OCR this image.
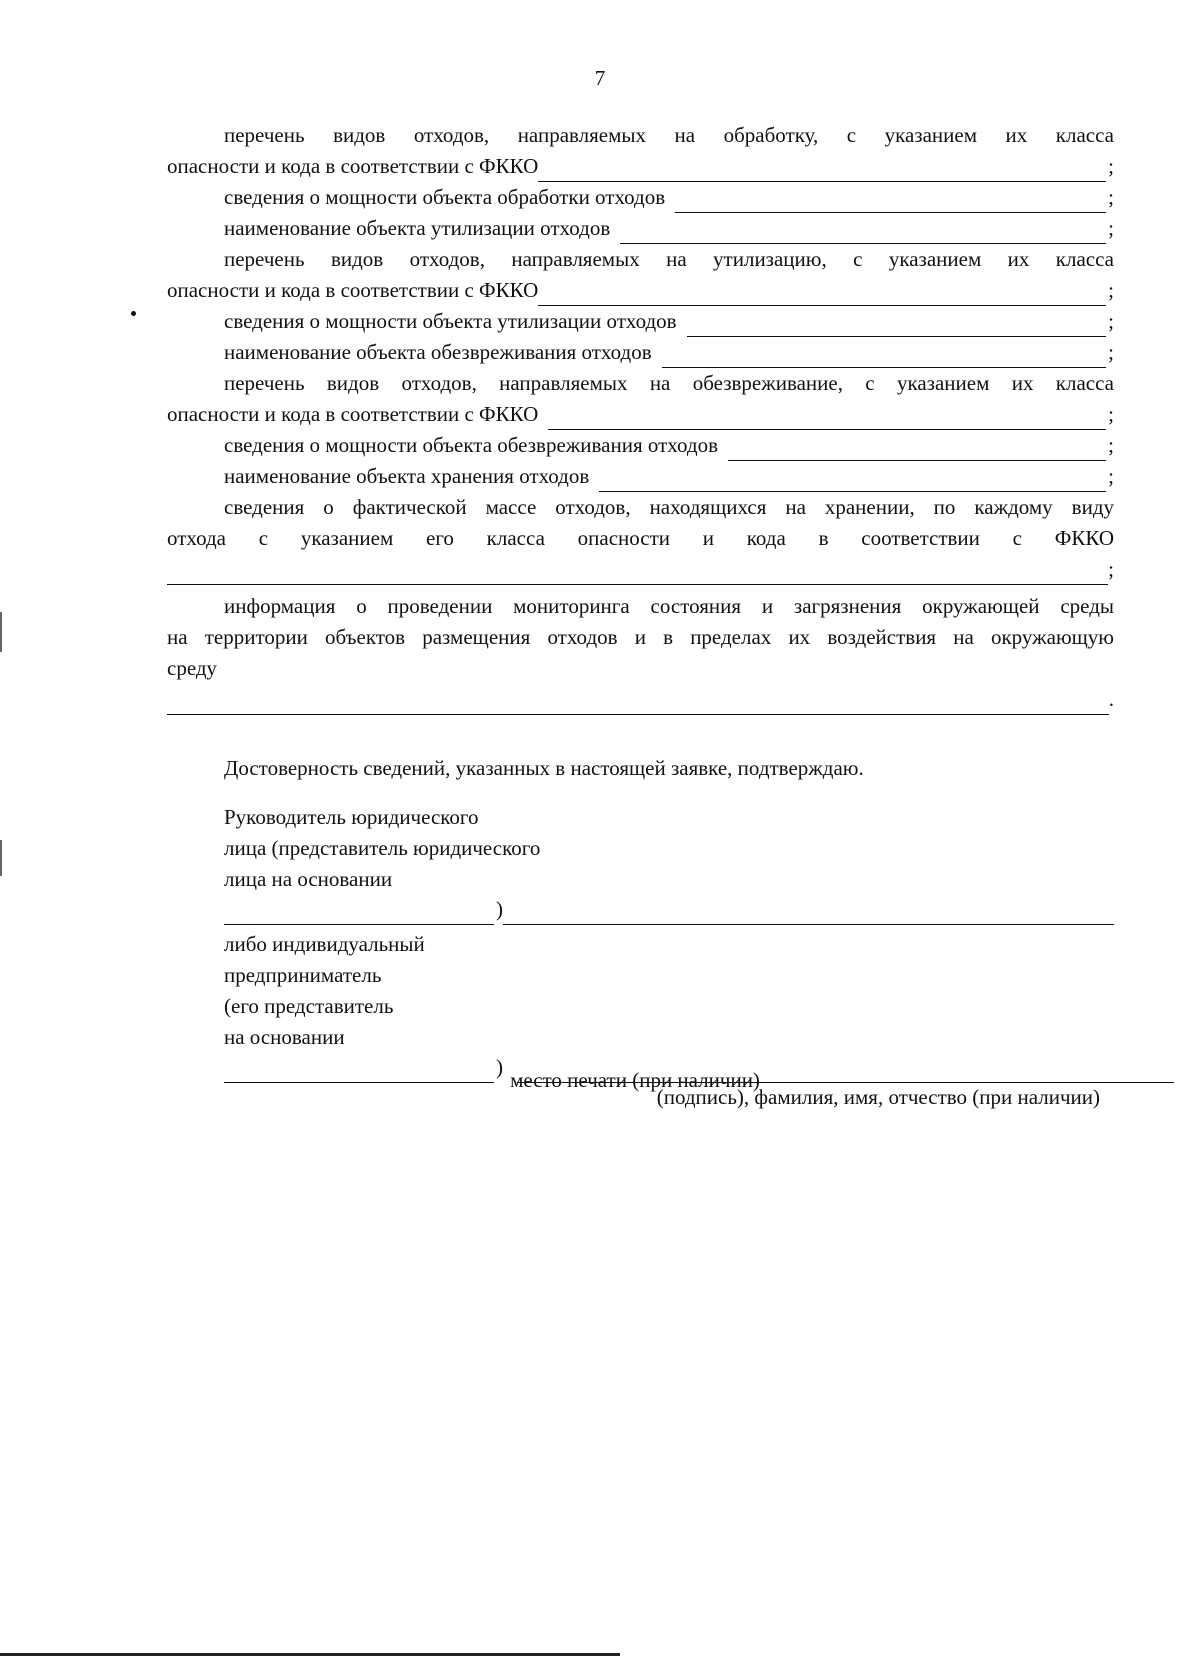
7
перечень видов отходов, направляемых на обработку, с указанием их класса
опасности и кода в соответствии с ФККО	;
сведения о мощности объекта обработки отходов	;
наименование объекта утилизации отходов	;
перечень видов отходов, направляемых на утилизацию, с указанием их класса
опасности и кода в соответствии с ФККО	;
сведения о мощности объекта утилизации отходов	;
наименование объекта обезвреживания отходов	;
перечень видов отходов, направляемых на обезвреживание, с указанием их класса
опасности и кода в соответствии с ФККО	;
сведения о мощности объекта обезвреживания отходов	;
наименование объекта хранения отходов	;
сведения о фактической массе отходов, находящихся на хранении, по каждому виду
отхода с указанием его класса опасности и кода в соответствии с ФККО
;
информация о проведении мониторинга состояния и загрязнения окружающей среды
на территории объектов размещения отходов и в пределах их воздействия на окружающую
среду
.
Достоверность сведений, указанных в настоящей заявке, подтверждаю.
Руководитель юридического
лица (представитель юридического
лица на основании
)
либо индивидуальный
предприниматель
(его представитель
на основании
)
(подпись), фамилия, имя, отчество (при наличии)
место печати (при наличии)
